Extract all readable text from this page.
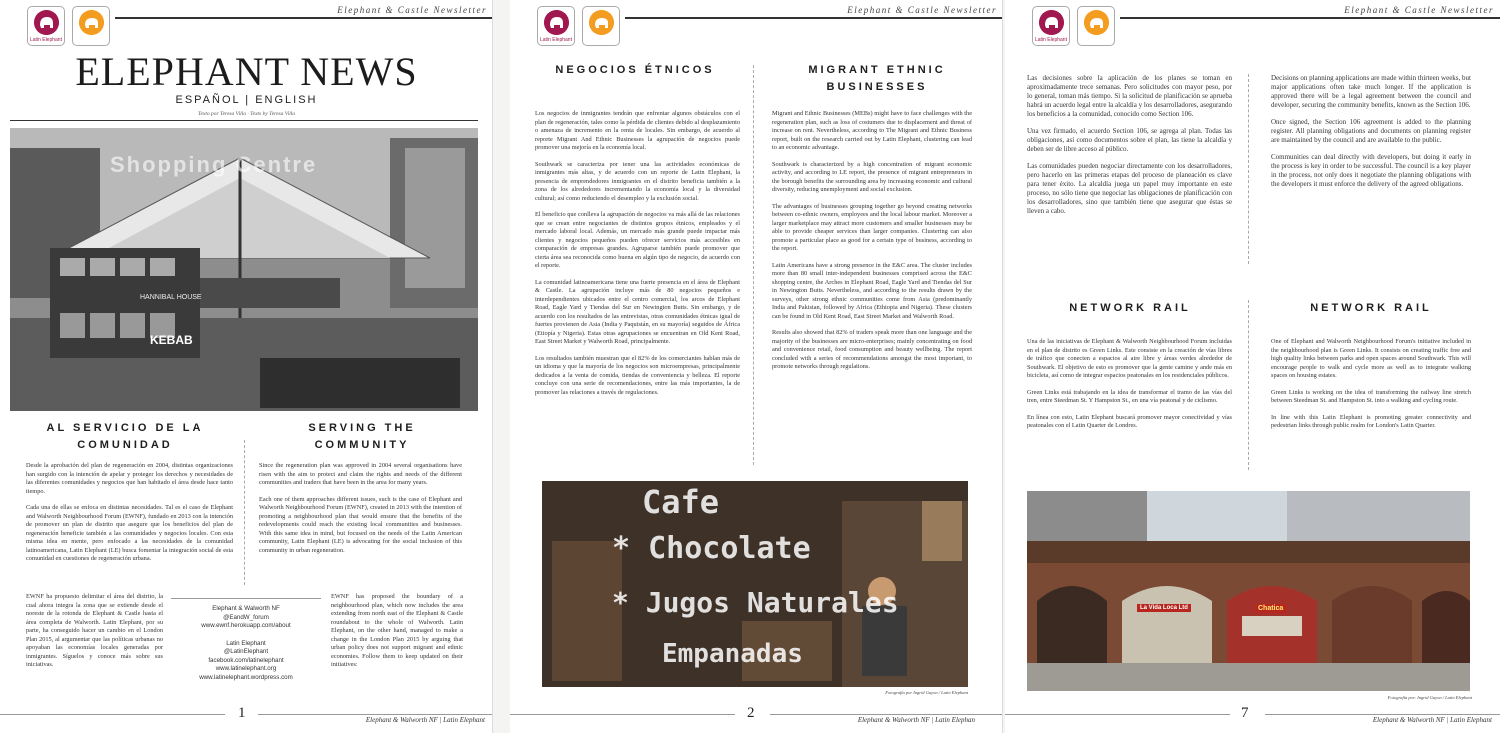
Latin Elephant
Elephant & Castle Newsletter
ELEPHANT NEWS
ESPAÑOL | ENGLISH
Texto por Teresa Villa · Texts by Teresa Villa
Shopping Centre
HANNIBAL HOUSE
KEBAB
AL SERVICIO DE LA COMUNIDAD
SERVING THE COMMUNITY

Desde la aprobación del plan de regeneración en 2004, distintas organizaciones han surgido con la intención de apelar y proteger los derechos y necesidades de las diferentes comunidades y negocios que han habitado el área desde hace tanto tiempo.

Cada una de ellas se enfoca en distintas necesidades. Tal es el caso de Elephant and Walworth Neighbourhood Forum (EWNF), fundado en 2013 con la intención de promover un plan de distrito que asegure que los beneficios del plan de regeneración beneficie también a las comunidades y negocios locales. Con esta misma idea en mente, pero enfocado a las necesidades de la comunidad latinoamericana, Latin Elephant (LE) busca fomentar la integración social de esta comunidad en cuestiones de regeneración urbana.

Since the regeneration plan was approved in 2004 several organisations have risen with the aim to protect and claim the rights and needs of the different communities and traders that have been in the area for many years.

Each one of them approaches different issues, such is the case of Elephant and Walworth Neighbourhood Forum (EWNF), created in 2013 with the intention of promoting a neighbourhood plan that would ensure that the benefits of the redevelopments could reach the existing local communities and businesses. With this same idea in mind, but focused on the needs of the Latin American community, Latin Elephant (LE) is advocating for the social inclusion of this community in urban regeneration.

EWNF ha propuesto delimitar el área del distrito, la cual ahora integra la zona que se extiende desde el noreste de la rotonda de Elephant & Castle hasta el área completa de Walworth. Latin Elephant, por su parte, ha conseguido hacer un cambio en el London Plan 2015, al argumentar que las políticas urbanas no apoyaban las economías locales generadas por inmigrantes. Síguelos y conoce más sobre sus iniciativas.
Elephant & Walworth NF
@EandW_forum
www.ewnf.herokuapp.com/about
Latin Elephant
@LatinElephant
facebook.com/latinelephant
www.latinelephant.org
www.latinelephant.wordpress.com
EWNF has proposed the boundary of a neighbourhood plan, which now includes the area extending from north east of the Elephant & Castle roundabout to the whole of Walworth. Latin Elephant, on the other hand, managed to make a change in the London Plan 2015 by arguing that urban policy does not support migrant and ethnic economies. Follow them to keep updated on their initiatives:
1	Elephant & Walworth NF | Latin Elephant
Latin Elephant
Elephant & Castle Newsletter
NEGOCIOS ÉTNICOS	MIGRANT ETHNIC BUSINESSES

Los negocios de inmigrantes tendrán que enfrentar algunos obstáculos con el plan de regeneración, tales como la pérdida de clientes debido al desplazamiento o amenaza de incremento en la renta de locales. Sin embargo, de acuerdo al reporte Migrant And Ethnic Businesses la agrupación de negocios puede promover una mejoría en la economía local.

Southwark se caracteriza por tener una las actividades económicas de inmigrantes más altas, y de acuerdo con un reporte de Latin Elephant, la presencia de emprendedores inmigrantes en el distrito beneficia también a la zona de los alrededores incrementando la economía local y la diversidad cultural; así como reduciendo el desempleo y la exclusión social.

El beneficio que conlleva la agrupación de negocios va más allá de las relaciones que se crean entre negociantes de distintos grupos étnicos, empleados y el mercado laboral local. Además, un mercado más grande puede impactar más clientes y negocios pequeños pueden ofrecer servicios más accesibles en comparación de empresas grandes. Agruparse también puede promover que cierta área sea reconocida como buena en algún tipo de negocio, de acuerdo con el reporte.

La comunidad latinoamericana tiene una fuerte presencia en el área de Elephant & Castle. La agrupación incluye más de 80 negocios pequeños e interdependientes ubicados entre el centro comercial, los arcos de Elephant Road, Eagle Yard y Tiendas del Sur en Newington Butts. Sin embargo, y de acuerdo con los resultados de las entrevistas, otras comunidades étnicas igual de fuertes provienen de Asia (India y Paquistán, en su mayoría) seguidos de África (Etiopía y Nigeria). Estas otras agrupaciones se encuentran en Old Kent Road, East Street Market y Walworth Road, principalmente.

Los resultados también muestran que el 82% de los comerciantes hablan más de un idioma y que la mayoría de los negocios son microempresas, principalmente dedicados a la venta de comida, tiendas de conveniencia y belleza. El reporte concluye con una serie de recomendaciones, entre las más importantes, la de promover las relaciones a través de regulaciones.

Migrant and Ethnic Businesses (MEBs) might have to face challenges with the regeneration plan, such as loss of costumers due to displacement and threat of increase on rent. Nevertheless, according to The Migrant and Ethnic Business report, built on the research carried out by Latin Elephant, clustering can lead to an economic advantage.

Southwark is characterized by a high concentration of migrant economic activity, and according to LE report, the presence of migrant entrepreneurs in the borough benefits the surrounding area by increasing economic and cultural diversity, reducing unemployment and social exclusion.

The advantages of businesses grouping together go beyond creating networks between co-ethnic owners, employees and the local labour market. Moreover a larger marketplace may attract more customers and smaller businesses may be able to provide cheaper services than larger companies. Clustering can also promote a particular place as good for a certain type of business, according to the report.

Latin Americans have a strong presence in the E&C area. The cluster includes more than 80 small inter-independent businesses comprised across the E&C shopping centre, the Arches in Elephant Road, Eagle Yard and Tiendas del Sur in Newington Butts. Nevertheless, and according to the results drawn by the surveys, other strong ethnic communities come from Asia (predominantly India and Pakistan, followed by Africa (Ethiopia and Nigeria). These clusters can be found in Old Kent Road, East Street Market and Walworth Road.

Results also showed that 82% of traders speak more than one language and the majority of the businesses are micro-enterprises; mainly concentrating on food and convenience retail, food consumption and beauty wellbeing. The report concluded with a series of recommendations amongst the most important, to promote networks through regulations.

Cafe
* Chocolate
* Jugos Naturales
Empanadas
Fotografía por Ingrid Guyon / Latin Elephant
2	Elephant & Walworth NF | Latin Elephan
Latin Elephant
Elephant & Castle Newsletter

Las decisiones sobre la aplicación de los planes se toman en aproximadamente trece semanas. Pero solicitudes con mayor peso, por lo general, toman más tiempo. Si la solicitud de planificación se aprueba habrá un acuerdo legal entre la alcaldía y los desarrolladores, asegurando los beneficios a la comunidad, conocido como Section 106.

Una vez firmado, el acuerdo Section 106, se agrega al plan. Todas las obligaciones, así como documentos sobre el plan, las tiene la alcaldía y deben ser de libre acceso al público.

Las comunidades pueden negociar directamente con los desarrolladores, pero hacerlo en las primeras etapas del proceso de planeación es clave para tener éxito. La alcaldía juega un papel muy importante en este proceso, no sólo tiene que negociar las obligaciones de planificación con los desarrolladores, sino que también tiene que asegurar que éstas se lleven a cabo.

Decisions on planning applications are made within thirteen weeks, but major applications often take much longer. If the application is approved there will be a legal agreement between the council and developer, securing the community benefits, known as the Section 106.

Once signed, the Section 106 agreement is added to the planning register. All planning obligations and documents on planning register are maintained by the council and are available to the public.

Communities can deal directly with developers, but doing it early in the process is key in order to be successful. The council is a key player in the process, not only does it negotiate the planning obligations with the developers it must enforce the delivery of the agreed obligations.

NETWORK RAIL	NETWORK RAIL

Una de las iniciativas de Elephant & Walworth Neighbourhood Forum incluidas en el plan de distrito es Green Links. Este consiste en la creación de vías libres de tráfico que conecten a espacios al aire libre y áreas verdes alrededor de Southwark. El objetivo de esto es promover que la gente camine y ande más en bicicleta, así como de integrar espacios peatonales en los residenciales públicos.

Green Links está trabajando en la idea de transformar el tramo de las vías del tren, entre Steedman St. Y Hampston St., en una vía peatonal y de ciclismo.

En línea con esto, Latin Elephant buscará promover mayor conectividad y vías peatonales con el Latin Quarter de Londres.

One of Elephant and Walworth Neighbourhood Forum's initiative included in the neighbourhood plan is Green Links. It consists on creating traffic free and high quality links between parks and open spaces around Southwark. This will encourage people to walk and cycle more as well as to integrate walking spaces on housing estates.

Green Links is working on the idea of transforming the railway line stretch between Steedman St. and Hampston St. into a walking and cycling route.

In line with this Latin Elephant is promoting greater connectivity and pedestrian links through public realm for London's Latin Quarter.

La Vida Loca Ltd	Chatica
Fotografía por: Ingrid Guyon / Latin Elephant
7	Elephant & Walworth NF | Latin Elephant
